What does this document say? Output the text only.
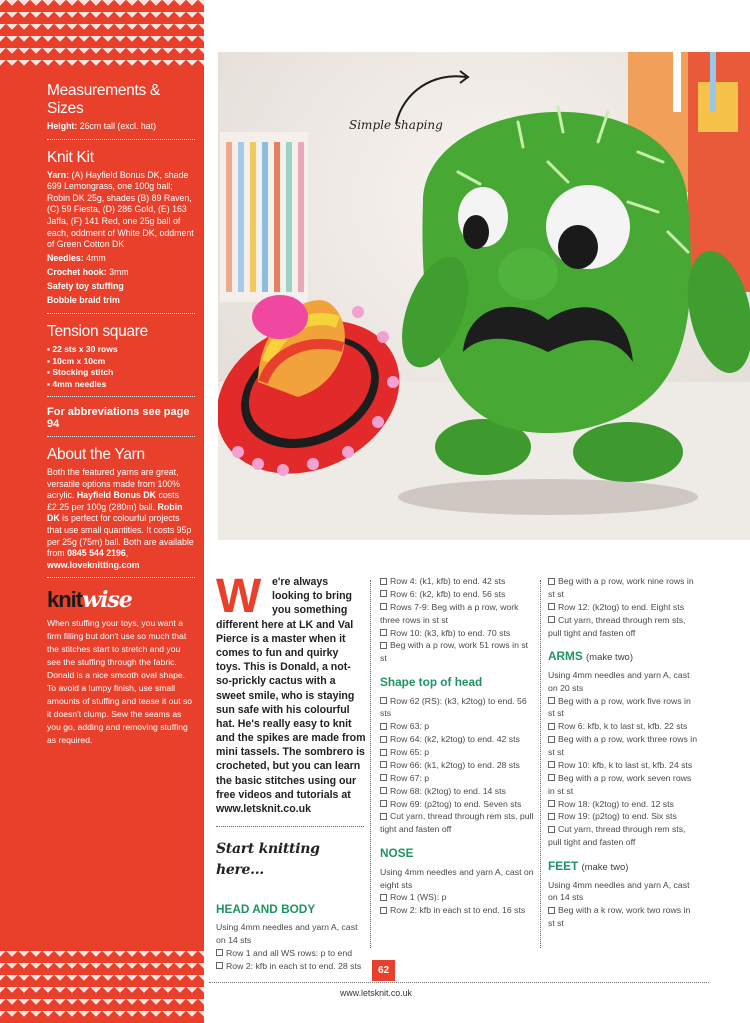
Measurements & Sizes
Height: 26cm tall (excl. hat)
Knit Kit
Yarn: (A) Hayfield Bonus DK, shade 699 Lemongrass, one 100g ball; Robin DK 25g, shades (B) 89 Raven, (C) 59 Fiesta, (D) 286 Gold, (E) 163 Jaffa, (F) 141 Red, one 25g ball of each, oddment of White DK, oddment of Green Cotton DK
Needles: 4mm
Crochet hook: 3mm
Safety toy stuffing
Bobble braid trim
Tension square
▪ 22 sts x 30 rows
▪ 10cm x 10cm
▪ Stocking stitch
▪ 4mm needles
For abbreviations see page 94
About the Yarn
Both the featured yarns are great, versatile options made from 100% acrylic. Hayfield Bonus DK costs £2.25 per 100g (280m) ball. Robin DK is perfect for colourful projects that use small quantities. It costs 95p per 25g (75m) ball. Both are available from 0845 544 2196, www.loveknitting.com
knitwise
When stuffing your toys, you want a firm filling but don't use so much that the stitches start to stretch and you see the stuffing through the fabric. Donald is a nice smooth oval shape. To avoid a lumpy finish, use small amounts of stuffing and tease it out so it doesn't clump. Sew the seams as you go, adding and removing stuffing as required.
Simple shaping
W	e're always looking to bring you something
different here at LK and Val Pierce is a master when it comes to fun and quirky toys. This is Donald, a not-so-prickly cactus with a sweet smile, who is staying sun safe with his colourful hat. He's really easy to knit and the spikes are made from mini tassels. The sombrero is crocheted, but you can learn the basic stitches using our free videos and tutorials at www.letsknit.co.uk
Start knitting here...
HEAD AND BODY
Using 4mm needles and yarn A, cast on 14 sts
Row 1 and all WS rows: p to end
Row 2: kfb in each st to end. 28 sts
Row 4: (k1, kfb) to end. 42 sts
Row 6: (k2, kfb) to end. 56 sts
Rows 7-9: Beg with a p row, work three rows in st st
Row 10: (k3, kfb) to end. 70 sts
Beg with a p row, work 51 rows in st st
Shape top of head
Row 62 (RS): (k3, k2tog) to end. 56 sts
Row 63: p
Row 64: (k2, k2tog) to end. 42 sts
Row 65: p
Row 66: (k1, k2tog) to end. 28 sts
Row 67: p
Row 68: (k2tog) to end. 14 sts
Row 69: (p2tog) to end. Seven sts
Cut yarn, thread through rem sts, pull tight and fasten off
NOSE
Using 4mm needles and yarn A, cast on eight sts
Row 1 (WS): p
Row 2: kfb in each st to end. 16 sts
Beg with a p row, work nine rows in st st
Row 12: (k2tog) to end. Eight sts
Cut yarn, thread through rem sts, pull tight and fasten off
ARMS (make two)
Using 4mm needles and yarn A, cast on 20 sts
Beg with a p row, work five rows in st st
Row 6: kfb, k to last st, kfb. 22 sts
Beg with a p row, work three rows in st st
Row 10: kfb, k to last st, kfb. 24 sts
Beg with a p row, work seven rows in st st
Row 18: (k2tog) to end. 12 sts
Row 19: (p2tog) to end. Six sts
Cut yarn, thread through rem sts, pull tight and fasten off
FEET (make two)
Using 4mm needles and yarn A, cast on 14 sts
Beg with a k row, work two rows in st st
62
www.letsknit.co.uk
